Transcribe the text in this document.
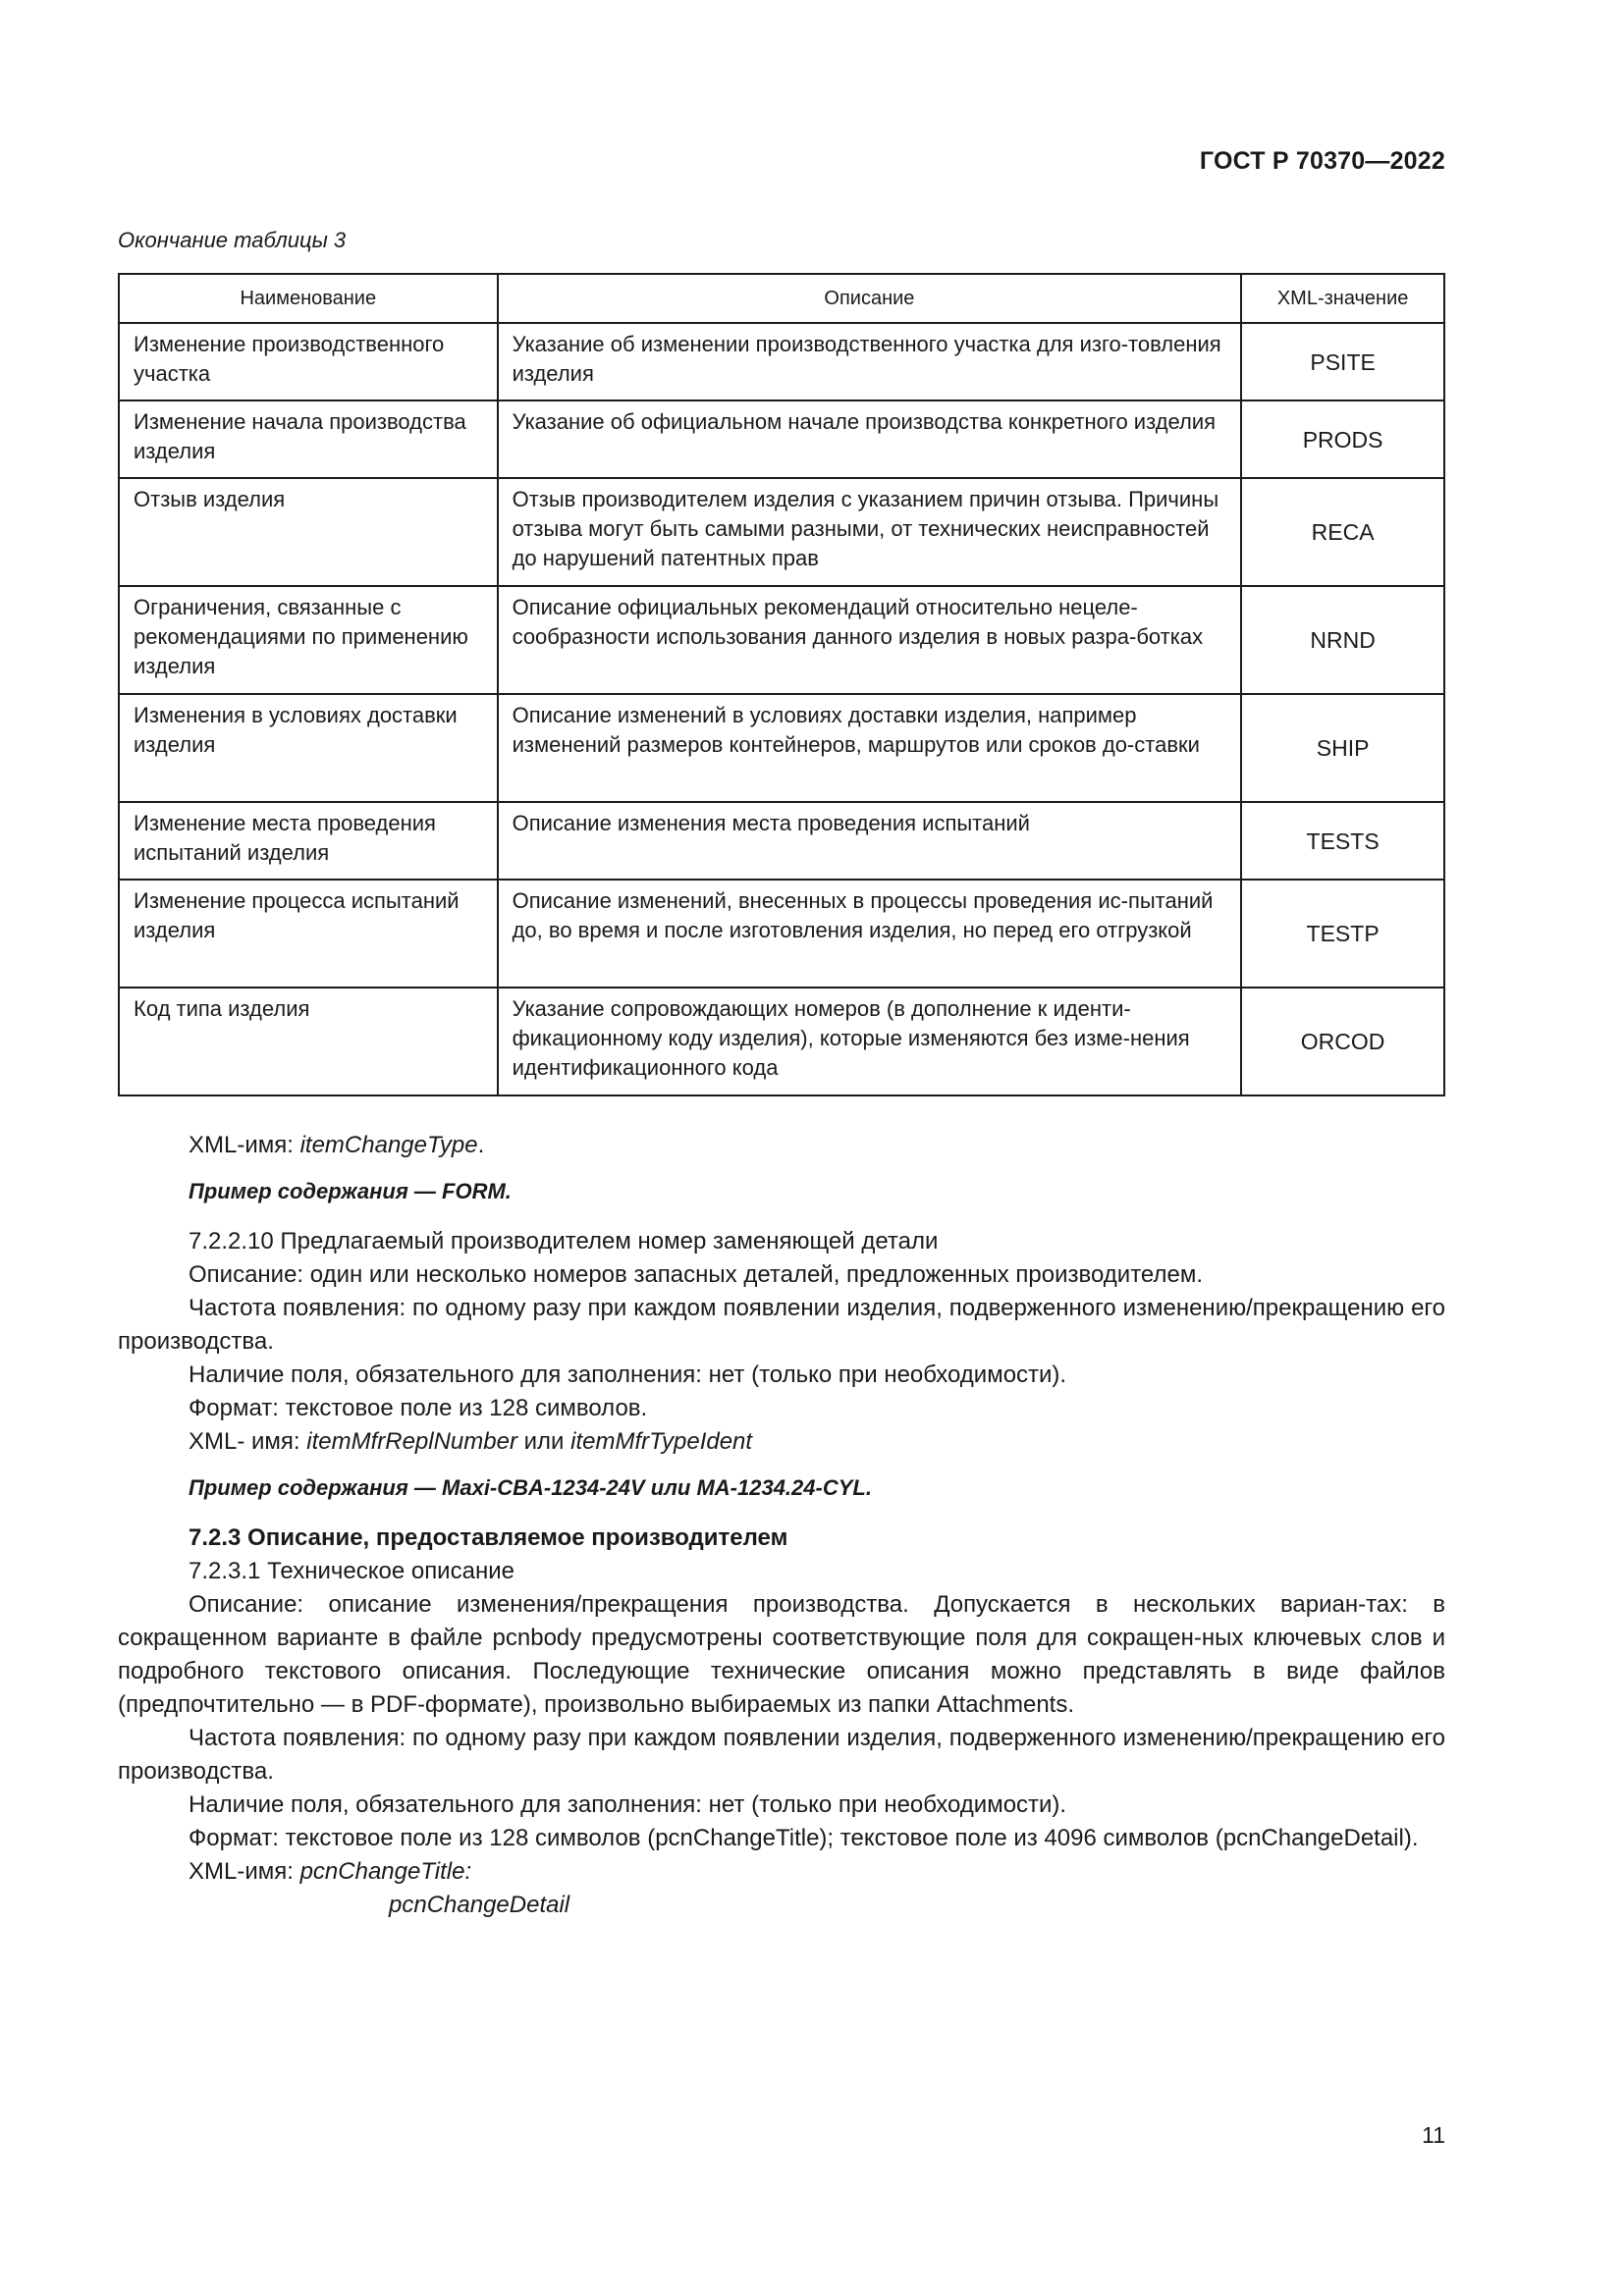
ГОСТ Р 70370—2022
Окончание таблицы 3
Наименование	Описание	XML-значение
Изменение производственного участка	Указание об изменении производственного участка для изго-товления изделия	PSITE
Изменение начала производства изделия	Указание об официальном начале производства конкретного изделия	PRODS
Отзыв изделия	Отзыв производителем изделия с указанием причин отзыва. Причины отзыва могут быть самыми разными, от технических неисправностей до нарушений патентных прав	RECA
Ограничения, связанные с рекомендациями по применению изделия	Описание официальных рекомендаций относительно нецеле-сообразности использования данного изделия в новых разра-ботках	NRND
Изменения в условиях доставки изделия	Описание изменений в условиях доставки изделия, например изменений размеров контейнеров, маршрутов или сроков до-ставки	SHIP
Изменение места проведения испытаний изделия	Описание изменения места проведения испытаний	TESTS
Изменение процесса испытаний изделия	Описание изменений, внесенных в процессы проведения ис-пытаний до, во время и после изготовления изделия, но перед его отгрузкой	TESTP
Код типа изделия	Указание сопровождающих номеров (в дополнение к иденти-фикационному коду изделия), которые изменяются без изме-нения идентификационного кода	ORCOD

XML-имя: itemChangeType.

Пример содержания — FORM.

7.2.2.10 Предлагаемый производителем номер заменяющей детали

Описание: один или несколько номеров запасных деталей, предложенных производителем.

Частота появления: по одному разу при каждом появлении изделия, подверженного изменению/прекращению его производства.

Наличие поля, обязательного для заполнения: нет (только при необходимости).

Формат: текстовое поле из 128 символов.

XML- имя: itemMfrReplNumber или itemMfrTypeIdent

Пример содержания — Maxi-CBA-1234-24V или MA-1234.24-CYL.

7.2.3 Описание, предоставляемое производителем

7.2.3.1 Техническое описание

Описание: описание изменения/прекращения производства. Допускается в нескольких вариан-тах: в сокращенном варианте в файле pcnbody предусмотрены соответствующие поля для сокращен-ных ключевых слов и подробного текстового описания. Последующие технические описания можно представлять в виде файлов (предпочтительно — в PDF-формате), произвольно выбираемых из папки Attachments.

Частота появления: по одному разу при каждом появлении изделия, подверженного изменению/прекращению его производства.

Наличие поля, обязательного для заполнения: нет (только при необходимости).

Формат: текстовое поле из 128 символов (pcnChangeTitle); текстовое поле из 4096 символов (pcnChangeDetail).

XML-имя: pcnChangeTitle:

pcnChangeDetail

11
